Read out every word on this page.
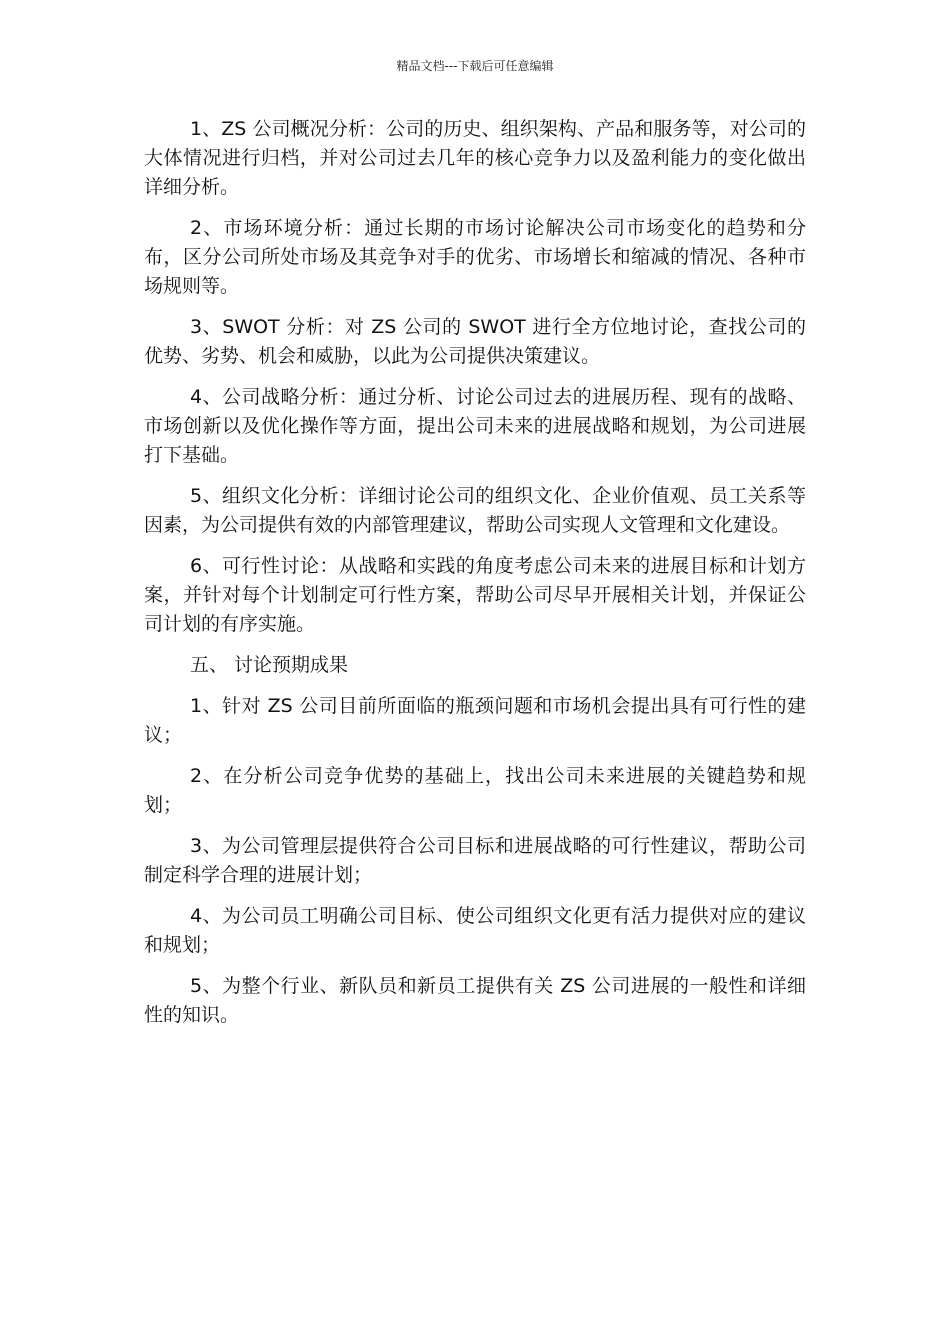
精品文档---下载后可任意编辑

1、ZS 公司概况分析：公司的历史、组织架构、产品和服务等，对公司的大体情况进行归档，并对公司过去几年的核心竞争力以及盈利能力的变化做出详细分析。

2、市场环境分析：通过长期的市场讨论解决公司市场变化的趋势和分布，区分公司所处市场及其竞争对手的优劣、市场增长和缩减的情况、各种市场规则等。

3、SWOT 分析：对 ZS 公司的 SWOT 进行全方位地讨论，查找公司的优势、劣势、机会和威胁，以此为公司提供决策建议。

4、公司战略分析：通过分析、讨论公司过去的进展历程、现有的战略、市场创新以及优化操作等方面，提出公司未来的进展战略和规划，为公司进展打下基础。

5、组织文化分析：详细讨论公司的组织文化、企业价值观、员工关系等因素，为公司提供有效的内部管理建议，帮助公司实现人文管理和文化建设。

6、可行性讨论：从战略和实践的角度考虑公司未来的进展目标和计划方案，并针对每个计划制定可行性方案，帮助公司尽早开展相关计划，并保证公司计划的有序实施。

五、 讨论预期成果

1、针对 ZS 公司目前所面临的瓶颈问题和市场机会提出具有可行性的建议；

2、在分析公司竞争优势的基础上，找出公司未来进展的关键趋势和规划；

3、为公司管理层提供符合公司目标和进展战略的可行性建议，帮助公司制定科学合理的进展计划；

4、为公司员工明确公司目标、使公司组织文化更有活力提供对应的建议和规划；

5、为整个行业、新队员和新员工提供有关 ZS 公司进展的一般性和详细性的知识。
